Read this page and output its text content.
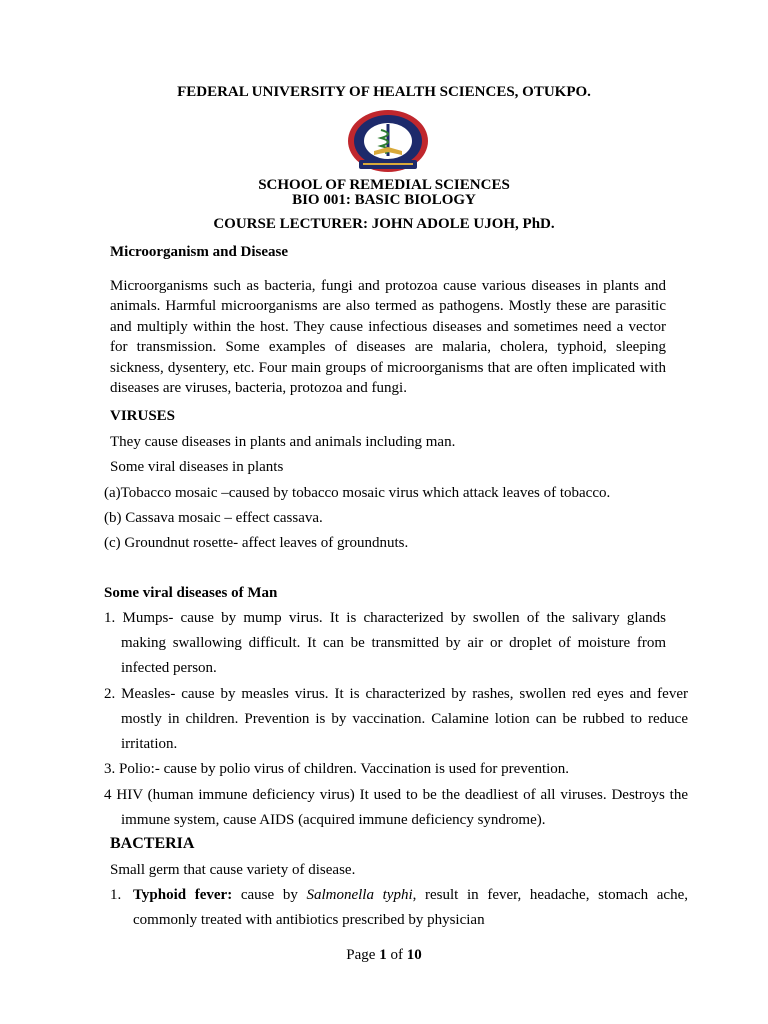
FEDERAL UNIVERSITY OF HEALTH SCIENCES, OTUKPO.
SCHOOL OF REMEDIAL SCIENCES
BIO 001: BASIC BIOLOGY
COURSE LECTURER: JOHN ADOLE UJOH, PhD.
Microorganism and Disease
Microorganisms such as bacteria, fungi and protozoa cause various diseases in plants and animals. Harmful microorganisms are also termed as pathogens. Mostly these are parasitic and multiply within the host. They cause infectious diseases and sometimes need a vector for transmission. Some examples of diseases are malaria, cholera, typhoid, sleeping sickness, dysentery, etc. Four main groups of microorganisms that are often implicated with diseases are viruses, bacteria, protozoa and fungi.
VIRUSES
They cause diseases in plants and animals including man.
Some viral diseases in plants
(a)Tobacco mosaic –caused by tobacco mosaic virus which attack leaves of tobacco.
(b) Cassava mosaic – effect cassava.
(c) Groundnut rosette- affect leaves of groundnuts.
Some viral diseases of Man
1. Mumps- cause by mump virus. It is characterized by swollen of the salivary glands
making swallowing difficult. It can be transmitted by air or droplet of moisture from
infected person.
2. Measles- cause by measles virus. It is characterized by rashes, swollen red eyes and fever
mostly in children. Prevention is by vaccination. Calamine lotion can be rubbed to reduce
irritation.
3. Polio:- cause by polio virus of children. Vaccination is used for prevention.
4 HIV (human immune deficiency virus) It used to be the deadliest of all viruses. Destroys the
immune system, cause AIDS (acquired immune deficiency syndrome).
BACTERIA
Small germ that cause variety of disease.
1. Typhoid fever: cause by Salmonella typhi, result in fever, headache, stomach ache,
commonly treated with antibiotics prescribed by physician
Page 1 of 10
